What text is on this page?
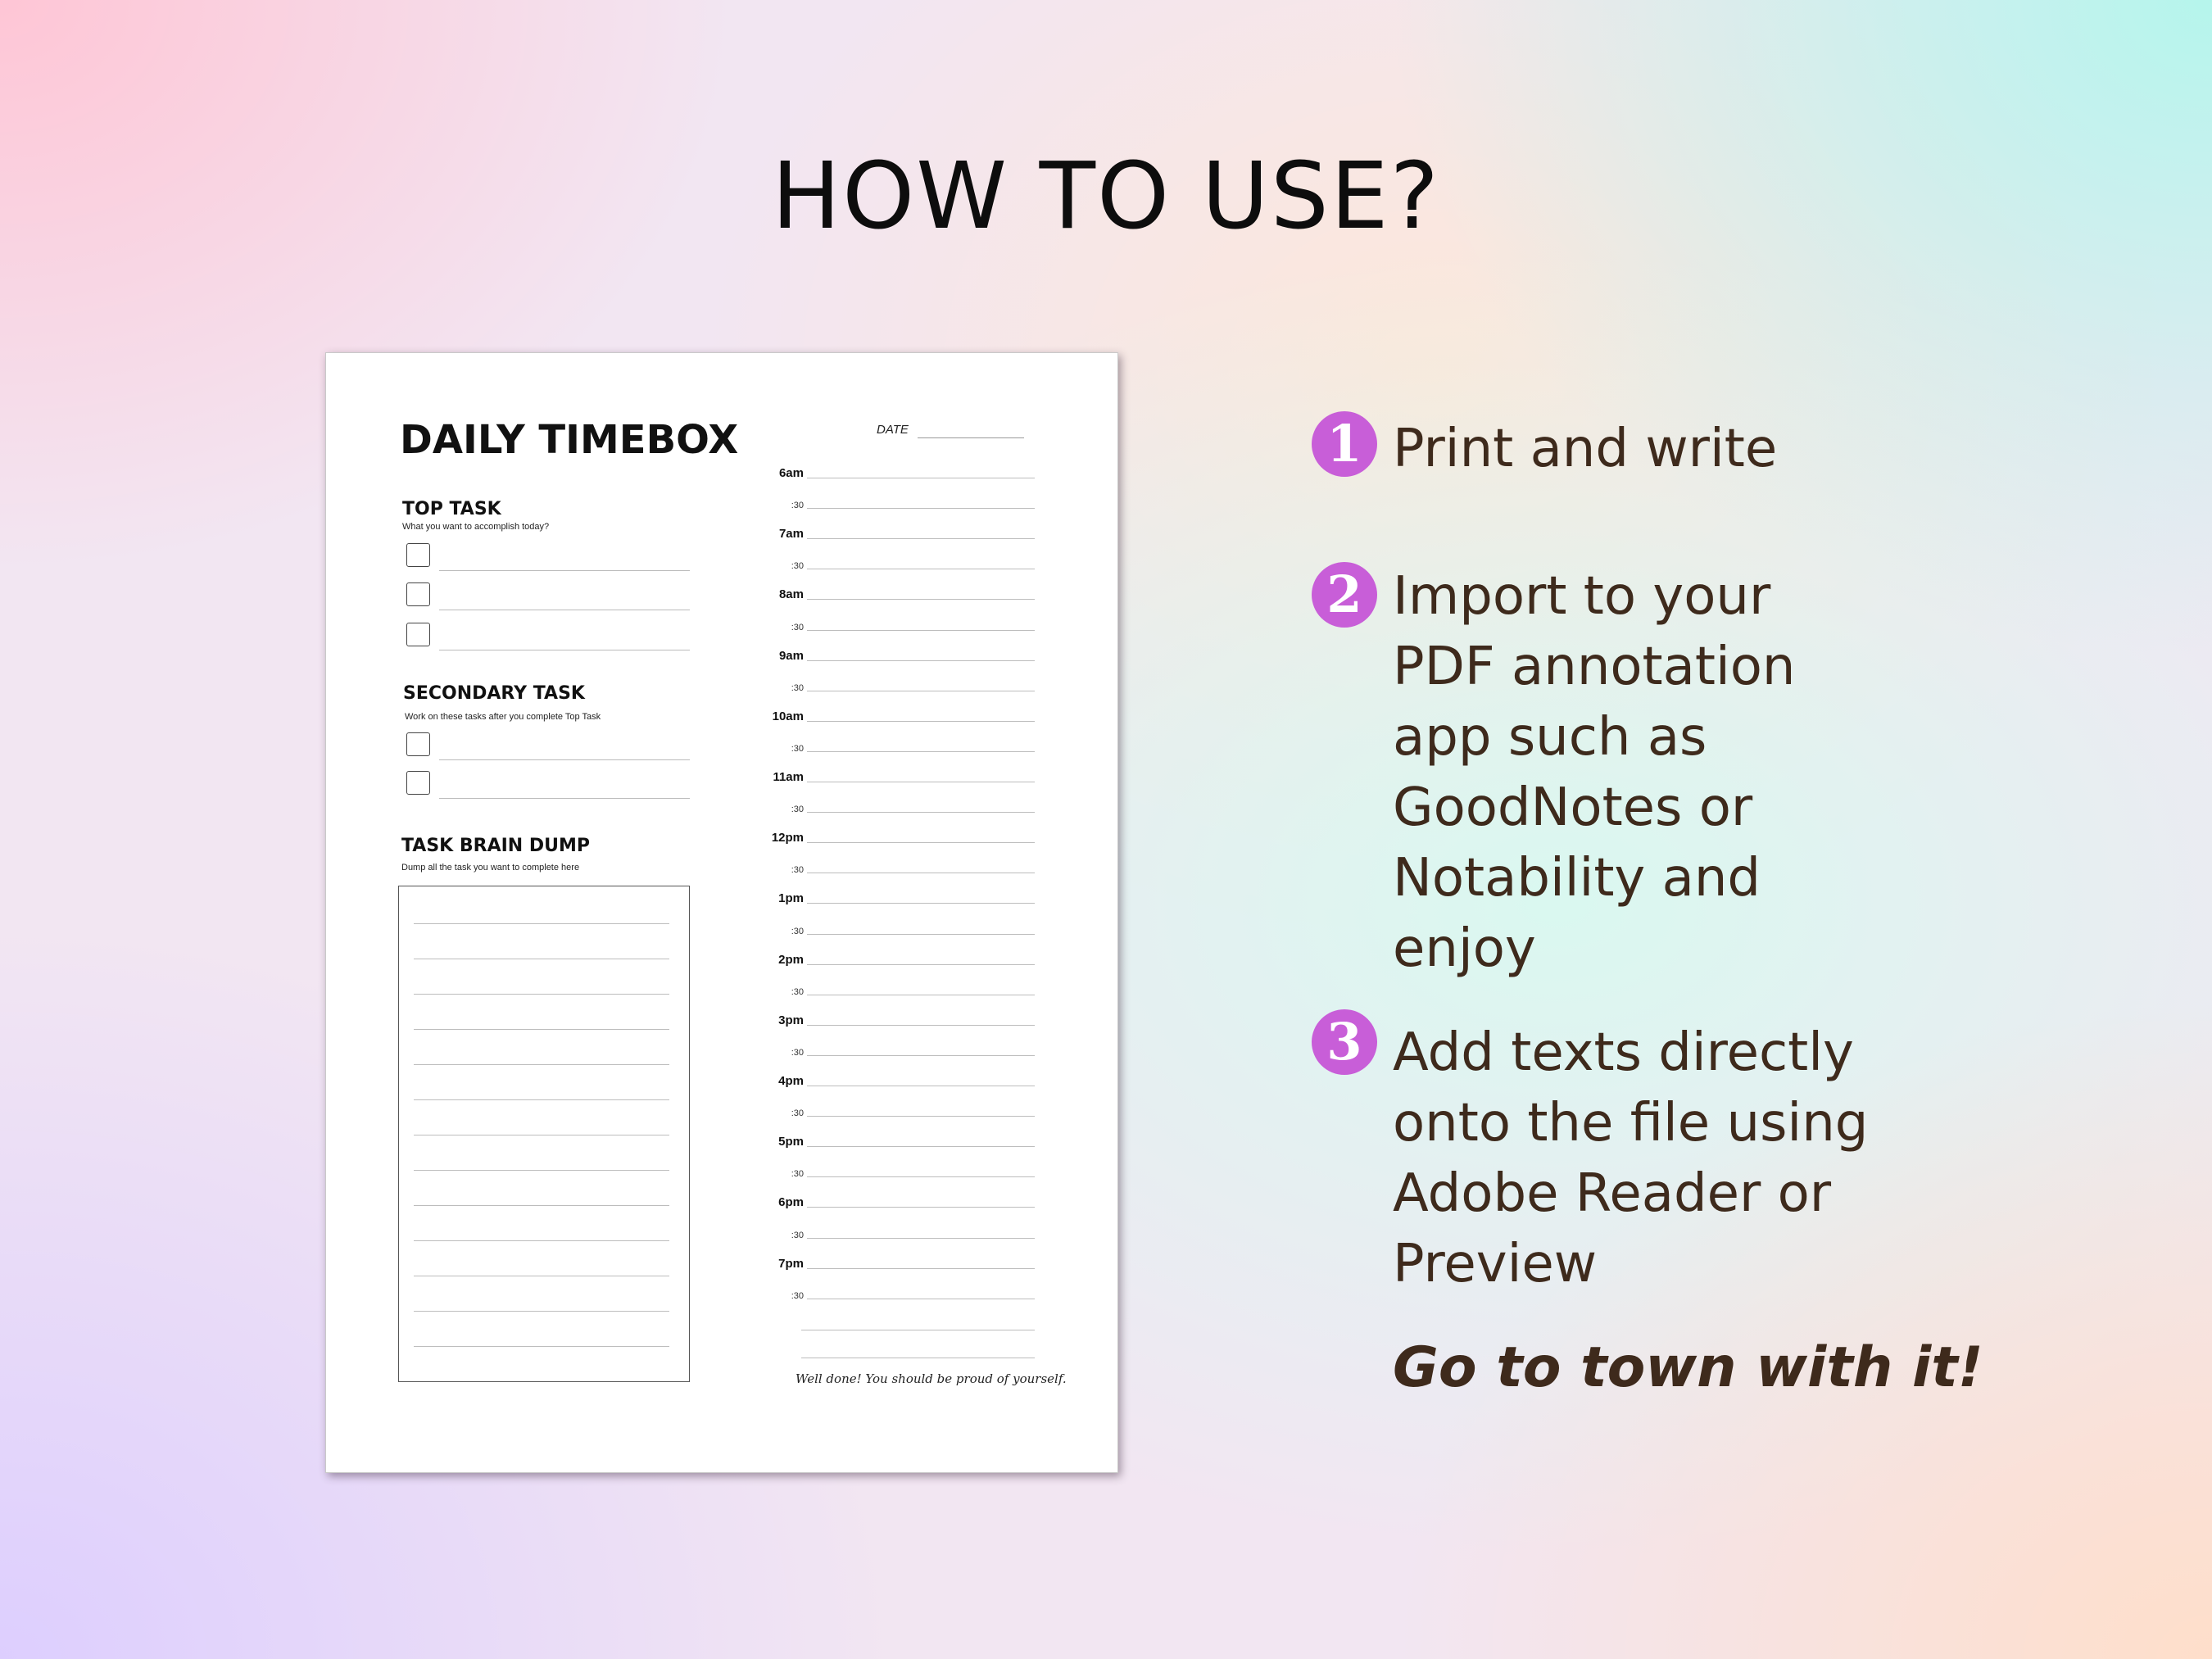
HOW TO USE?
DAILY TIMEBOX	DATE
TOP TASK
What you want to accomplish today?
SECONDARY TASK
Work on these tasks after you complete Top Task
TASK BRAIN DUMP
Dump all the task you want to complete here
6am
:30
7am
:30
8am
:30
9am
:30
10am
:30
11am
:30
12pm
:30
1pm
:30
2pm
:30
3pm
:30
4pm
:30
5pm
:30
6pm
:30
7pm
:30
Well done! You should be proud of yourself.
1 Print and write
2 Import to your
PDF annotation
app such as
GoodNotes or
Notability and
enjoy
3 Add texts directly
onto the file using
Adobe Reader or
Preview
Go to town with it!
